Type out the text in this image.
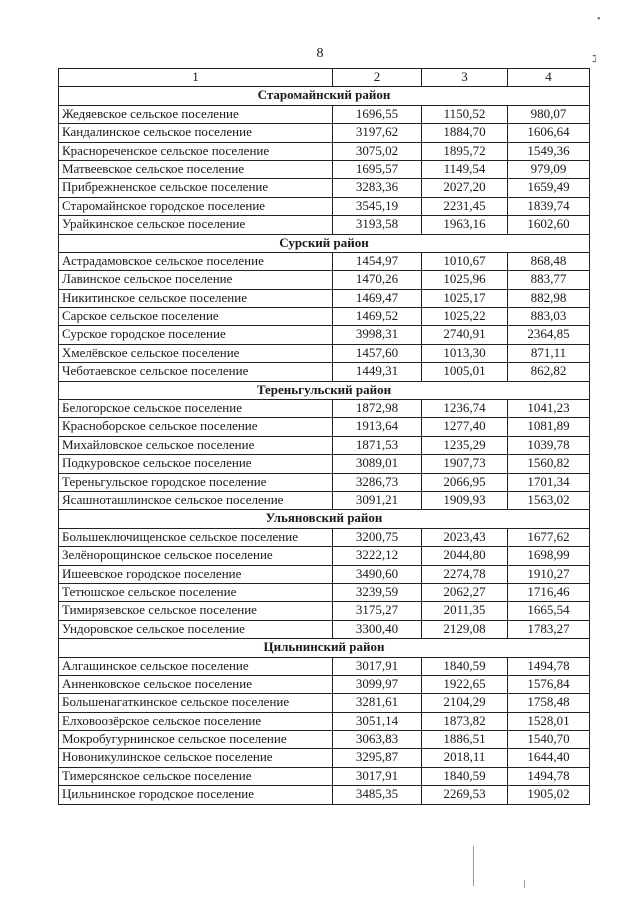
8
1	2	3	4
Старомайнский район			
Жедяевское сельское поселение	1696,55	1150,52	980,07
Кандалинское сельское поселение	3197,62	1884,70	1606,64
Краснореченское сельское поселение	3075,02	1895,72	1549,36
Матвеевское сельское поселение	1695,57	1149,54	979,09
Прибрежненское сельское поселение	3283,36	2027,20	1659,49
Старомайнское городское поселение	3545,19	2231,45	1839,74
Урайкинское сельское поселение	3193,58	1963,16	1602,60
Сурский район			
Астрадамовское сельское поселение	1454,97	1010,67	868,48
Лавинское сельское поселение	1470,26	1025,96	883,77
Никитинское сельское поселение	1469,47	1025,17	882,98
Сарское сельское поселение	1469,52	1025,22	883,03
Сурское городское поселение	3998,31	2740,91	2364,85
Хмелёвское сельское поселение	1457,60	1013,30	871,11
Чеботаевское сельское поселение	1449,31	1005,01	862,82
Тереньгульский район			
Белогорское сельское поселение	1872,98	1236,74	1041,23
Красноборское сельское поселение	1913,64	1277,40	1081,89
Михайловское сельское поселение	1871,53	1235,29	1039,78
Подкуровское сельское поселение	3089,01	1907,73	1560,82
Тереньгульское городское поселение	3286,73	2066,95	1701,34
Ясашноташлинское сельское поселение	3091,21	1909,93	1563,02
Ульяновский район			
Большеключищенское сельское поселение	3200,75	2023,43	1677,62
Зелёнорощинское сельское поселение	3222,12	2044,80	1698,99
Ишеевское городское поселение	3490,60	2274,78	1910,27
Тетюшское сельское поселение	3239,59	2062,27	1716,46
Тимирязевское сельское поселение	3175,27	2011,35	1665,54
Ундоровское сельское поселение	3300,40	2129,08	1783,27
Цильнинский район			
Алгашинское сельское поселение	3017,91	1840,59	1494,78
Анненковское сельское поселение	3099,97	1922,65	1576,84
Большенагаткинское сельское поселение	3281,61	2104,29	1758,48
Елховоозёрское сельское поселение	3051,14	1873,82	1528,01
Мокробугурнинское сельское поселение	3063,83	1886,51	1540,70
Новоникулинское сельское поселение	3295,87	2018,11	1644,40
Тимерсянское сельское поселение	3017,91	1840,59	1494,78
Цильнинское городское поселение	3485,35	2269,53	1905,02
•
ℷ
